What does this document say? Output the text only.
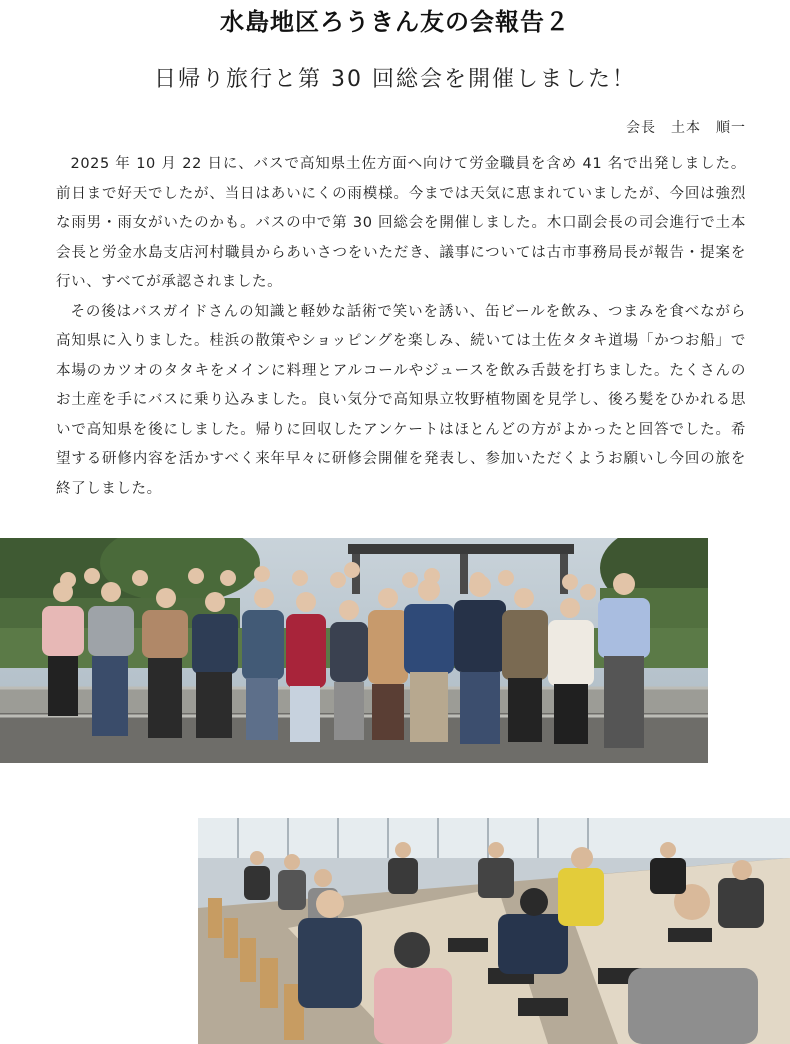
水島地区ろうきん友の会報告２
日帰り旅行と第 30 回総会を開催しました！
会長　土本　順一

2025 年 10 月 22 日に、バスで高知県土佐方面へ向けて労金職員を含め 41 名で出発しました。前日まで好天でしたが、当日はあいにくの雨模様。今までは天気に恵まれていましたが、今回は強烈な雨男・雨女がいたのかも。バスの中で第 30 回総会を開催しました。木口副会長の司会進行で土本会長と労金水島支店河村職員からあいさつをいただき、議事については古市事務局長が報告・提案を行い、すべてが承認されました。

その後はバスガイドさんの知識と軽妙な話術で笑いを誘い、缶ビールを飲み、つまみを食べながら高知県に入りました。桂浜の散策やショッピングを楽しみ、続いては土佐タタキ道場「かつお船」で本場のカツオのタタキをメインに料理とアルコールやジュースを飲み舌鼓を打ちました。たくさんのお土産を手にバスに乗り込みました。良い気分で高知県立牧野植物園を見学し、後ろ髪をひかれる思いで高知県を後にしました。帰りに回収したアンケートはほとんどの方がよかったと回答でした。希望する研修内容を活かすべく来年早々に研修会開催を発表し、参加いただくようお願いし今回の旅を終了しました。
